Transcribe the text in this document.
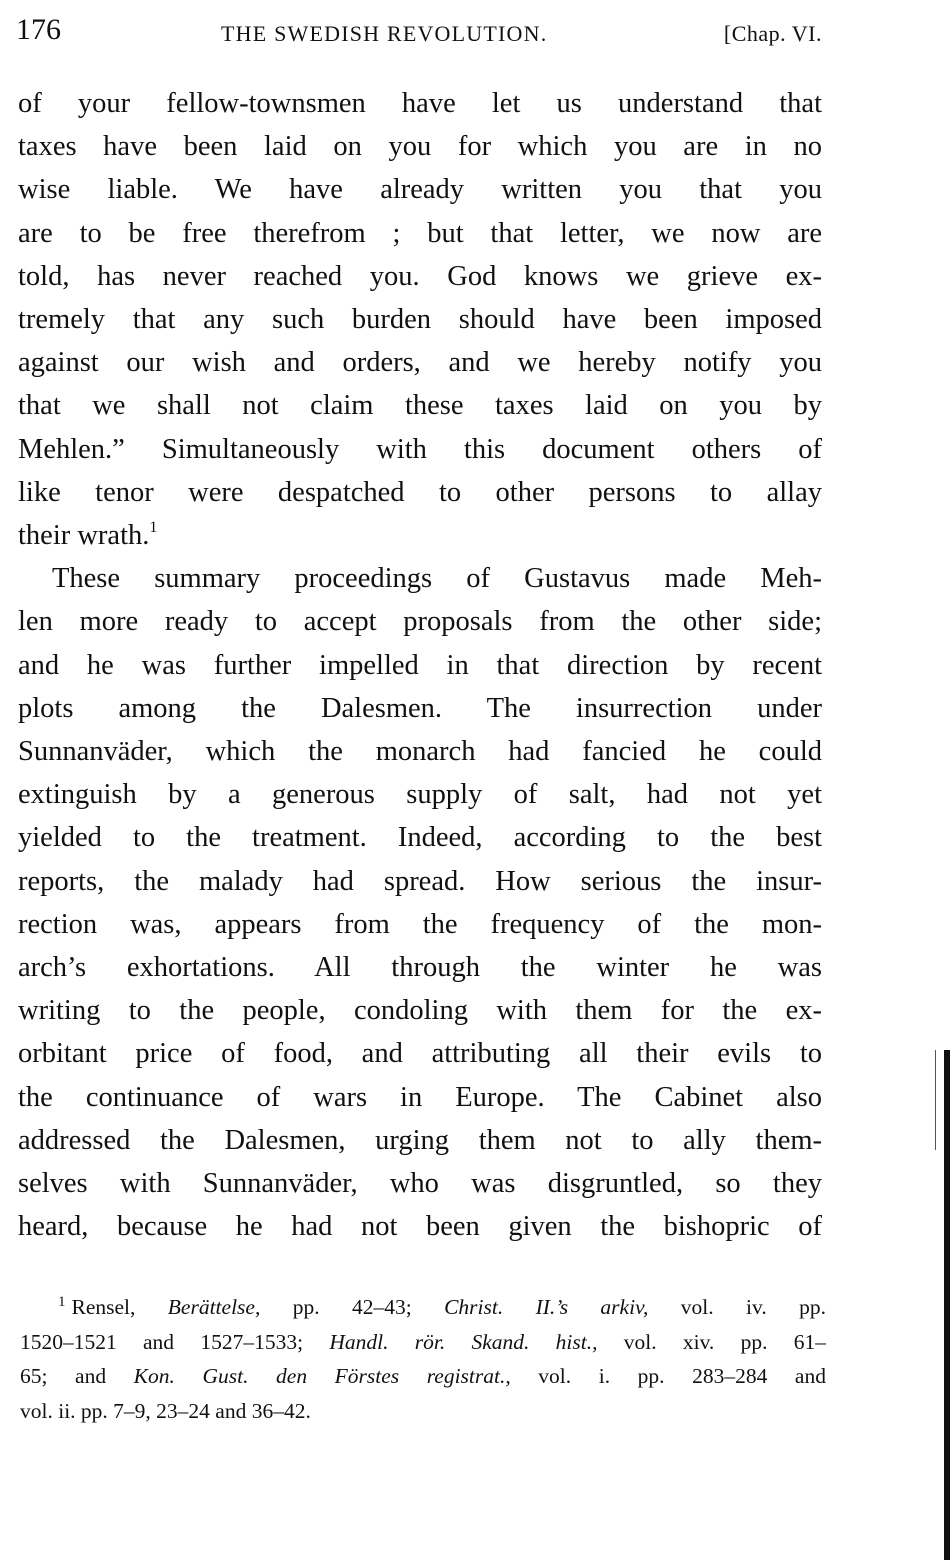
176	THE SWEDISH REVOLUTION.	[Chap. VI.
of your fellow-townsmen have let us understand that
taxes have been laid on you for which you are in no
wise liable. We have already written you that you
are to be free therefrom ; but that letter, we now are
told, has never reached you. God knows we grieve ex-
tremely that any such burden should have been imposed
against our wish and orders, and we hereby notify you
that we shall not claim these taxes laid on you by
Mehlen.” Simultaneously with this document others of
like tenor were despatched to other persons to allay
their wrath.$^1$
These summary proceedings of Gustavus made Meh-
len more ready to accept proposals from the other side;
and he was further impelled in that direction by recent
plots among the Dalesmen. The insurrection under
Sunnanväder, which the monarch had fancied he could
extinguish by a generous supply of salt, had not yet
yielded to the treatment. Indeed, according to the best
reports, the malady had spread. How serious the insur-
rection was, appears from the frequency of the mon-
arch’s exhortations. All through the winter he was
writing to the people, condoling with them for the ex-
orbitant price of food, and attributing all their evils to
the continuance of wars in Europe. The Cabinet also
addressed the Dalesmen, urging them not to ally them-
selves with Sunnanväder, who was disgruntled, so they
heard, because he had not been given the bishopric of
$^1$ Rensel, Berättelse, pp. 42–43; Christ. II.’s arkiv, vol. iv. pp.
1520–1521 and 1527–1533; Handl. rör. Skand. hist., vol. xiv. pp. 61–
65; and Kon. Gust. den Förstes registrat., vol. i. pp. 283–284 and
vol. ii. pp. 7–9, 23–24 and 36–42.
